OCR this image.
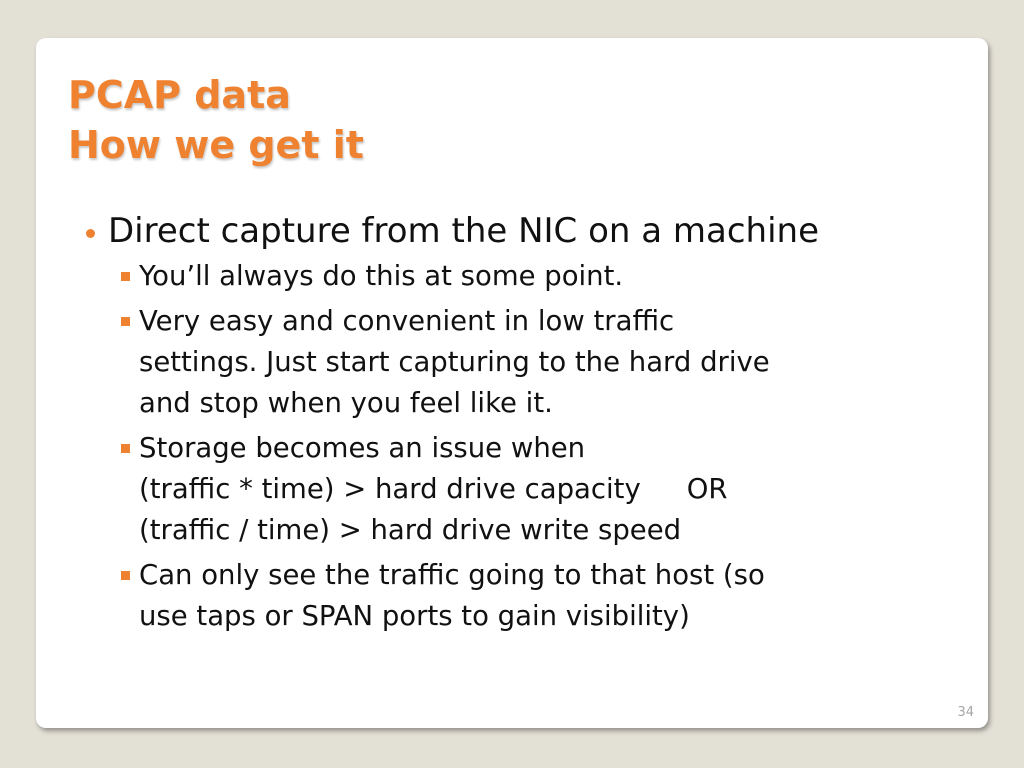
PCAP data
How we get it
Direct capture from the NIC on a machine
You’ll always do this at some point.
Very easy and convenient in low traffic
settings. Just start capturing to the hard drive
and stop when you feel like it.
Storage becomes an issue when
(traffic * time) > hard drive capacity OR
(traffic / time) > hard drive write speed
Can only see the traffic going to that host (so
use taps or SPAN ports to gain visibility)
34
